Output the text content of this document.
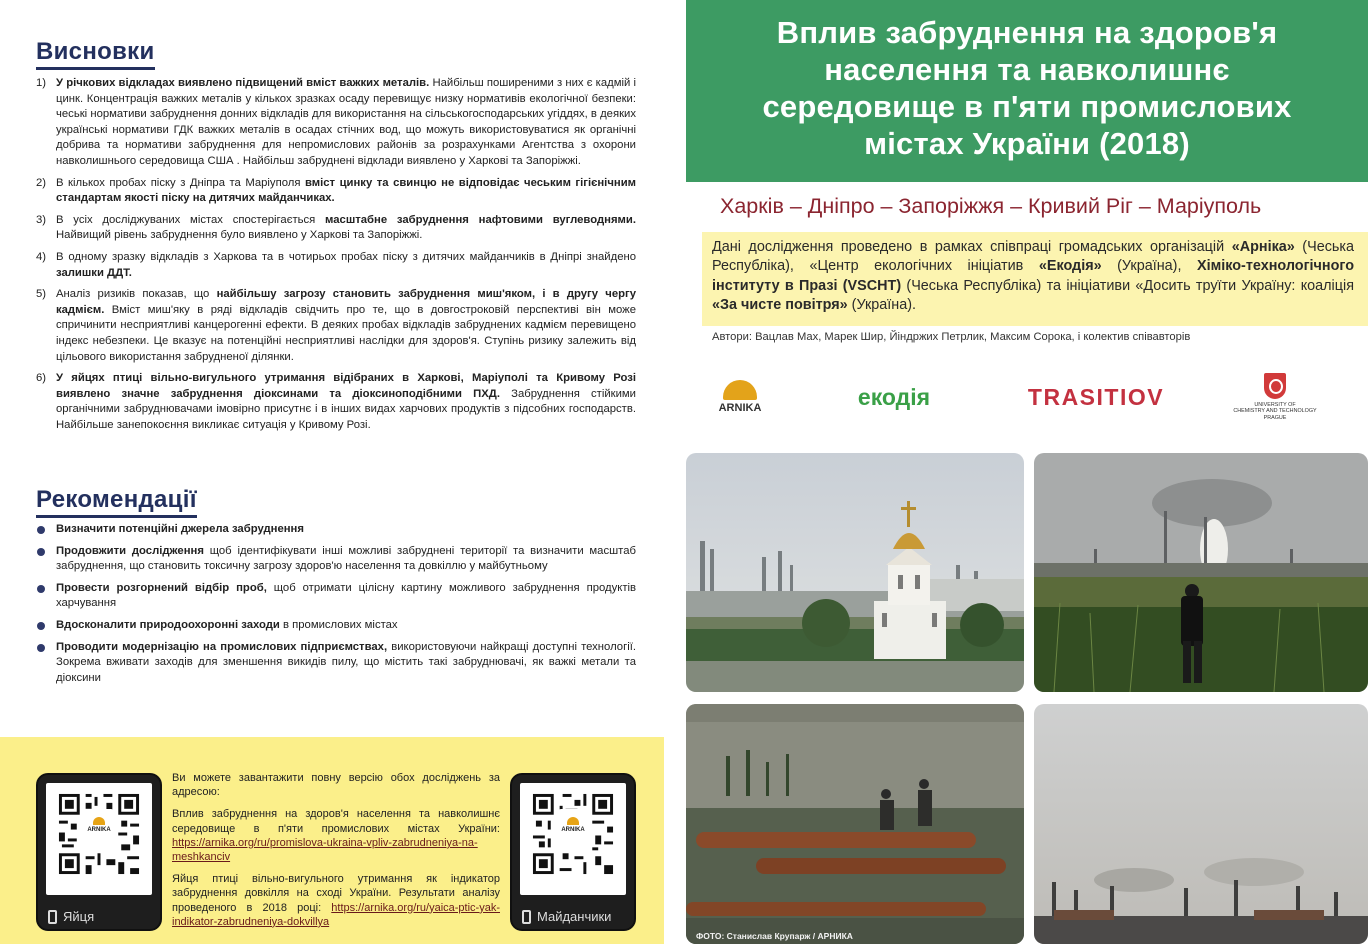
Висновки
1) У річкових відкладах виявлено підвищений вміст важких металів. Найбільш поширеними з них є кадмій і цинк. Концентрація важких металів у кількох зразках осаду перевищує низку нормативів екологічної безпеки: чеські нормативи забруднення донних відкладів для використання на сільськогосподарських угіддях, в деяких українські нормативи ГДК важких металів в осадах стічних вод, що можуть використовуватися як органічні добрива та нормативи забруднення для непромислових районів за розрахунками Агентства з охорони навколишнього середовища США . Найбільш забруднені відклади виявлено у Харкові та Запоріжжі.
2) В кількох пробах піску з Дніпра та Маріуполя вміст цинку та свинцю не відповідає чеським гігієнічним стандартам якості піску на дитячих майданчиках.
3) В усіх досліджуваних містах спостерігається масштабне забруднення нафтовими вуглеводнями. Найвищий рівень забруднення було виявлено у Харкові та Запоріжжі.
4) В одному зразку відкладів з Харкова та в чотирьох пробах піску з дитячих майданчиків в Дніпрі знайдено залишки ДДТ.
5) Аналіз ризиків показав, що найбільшу загрозу становить забруднення миш'яком, і в другу чергу кадмієм. Вміст миш'яку в ряді відкладів свідчить про те, що в довгостроковій перспективі він може спричинити несприятливі канцерогенні ефекти. В деяких пробах відкладів забруднених кадмієм перевищено індекс небезпеки. Це вказує на потенційні несприятливі наслідки для здоров'я. Ступінь ризику залежить від цільового використання забрудненої ділянки.
6) У яйцях птиці вільно-вигульного утримання відібраних в Харкові, Маріуполі та Кривому Розі виявлено значне забруднення діоксинами та діоксиноподібними ПХД. Забруднення стійкими органічними забруднювачами імовірно присутнє і в інших видах харчових продуктів з підсобних господарств. Найбільше занепокоєння викликає ситуація у Кривому Розі.
Рекомендації
Визначити потенційні джерела забруднення
Продовжити дослідження щоб ідентифікувати інші можливі забруднені території та визначити масштаб забруднення, що становить токсичну загрозу здоров'ю населення та довкіллю у майбутньому
Провести розгорнений відбір проб, щоб отримати цілісну картину можливого забруднення продуктів харчування
Вдосконалити природоохоронні заходи в промислових містах
Проводити модернізацію на промислових підприємствах, використовуючи найкращі доступні технології. Зокрема вживати заходів для зменшення викидів пилу, що містить такі забруднювачі, як важкі метали та діоксини
ARNIKA
Яйця

Ви можете завантажити повну версію обох досліджень за адресою:

Вплив забруднення на здоров'я населення та навколишнє середовище в п'яти промислових містах України: https://arnika.org/ru/promislova-ukraina-vpliv-zabrudneniya-na-meshkanciv

Яйця птиці вільно-вигульного утримання як індикатор забруднення довкілля на сході України. Результати аналізу проведеного в 2018 році: https://arnika.org/ru/yaica-ptic-yak-indikator-zabrudneniya-dokvillya

ARNIKA
Майданчики
Вплив забруднення на здоров'я
населення та навколишнє
середовище в п'яти промислових
містах України (2018)
Харків – Дніпро – Запоріжжя – Кривий Ріг – Маріуполь
Дані дослідження проведено в рамках співпраці громадських організацій «Арніка» (Чеська Республіка), «Центр екологічних ініціатив «Екодія» (Україна), Хіміко-технологічного інституту в Празі (VSCHT) (Чеська Республіка) та ініціативи «Досить труїти Україну: коаліція «За чисте повітря» (Україна).
Автори: Вацлав Мах, Марек Шир, Йіндржих Петрлик, Максим Сорока, і колектив співавторів
ARNIKA	екодія	TRASITIOV	UNIVERSITY OF
CHEMISTRY AND TECHNOLOGY
PRAGUE
ФОТО: Станислав Крупарж / АРНИКА
